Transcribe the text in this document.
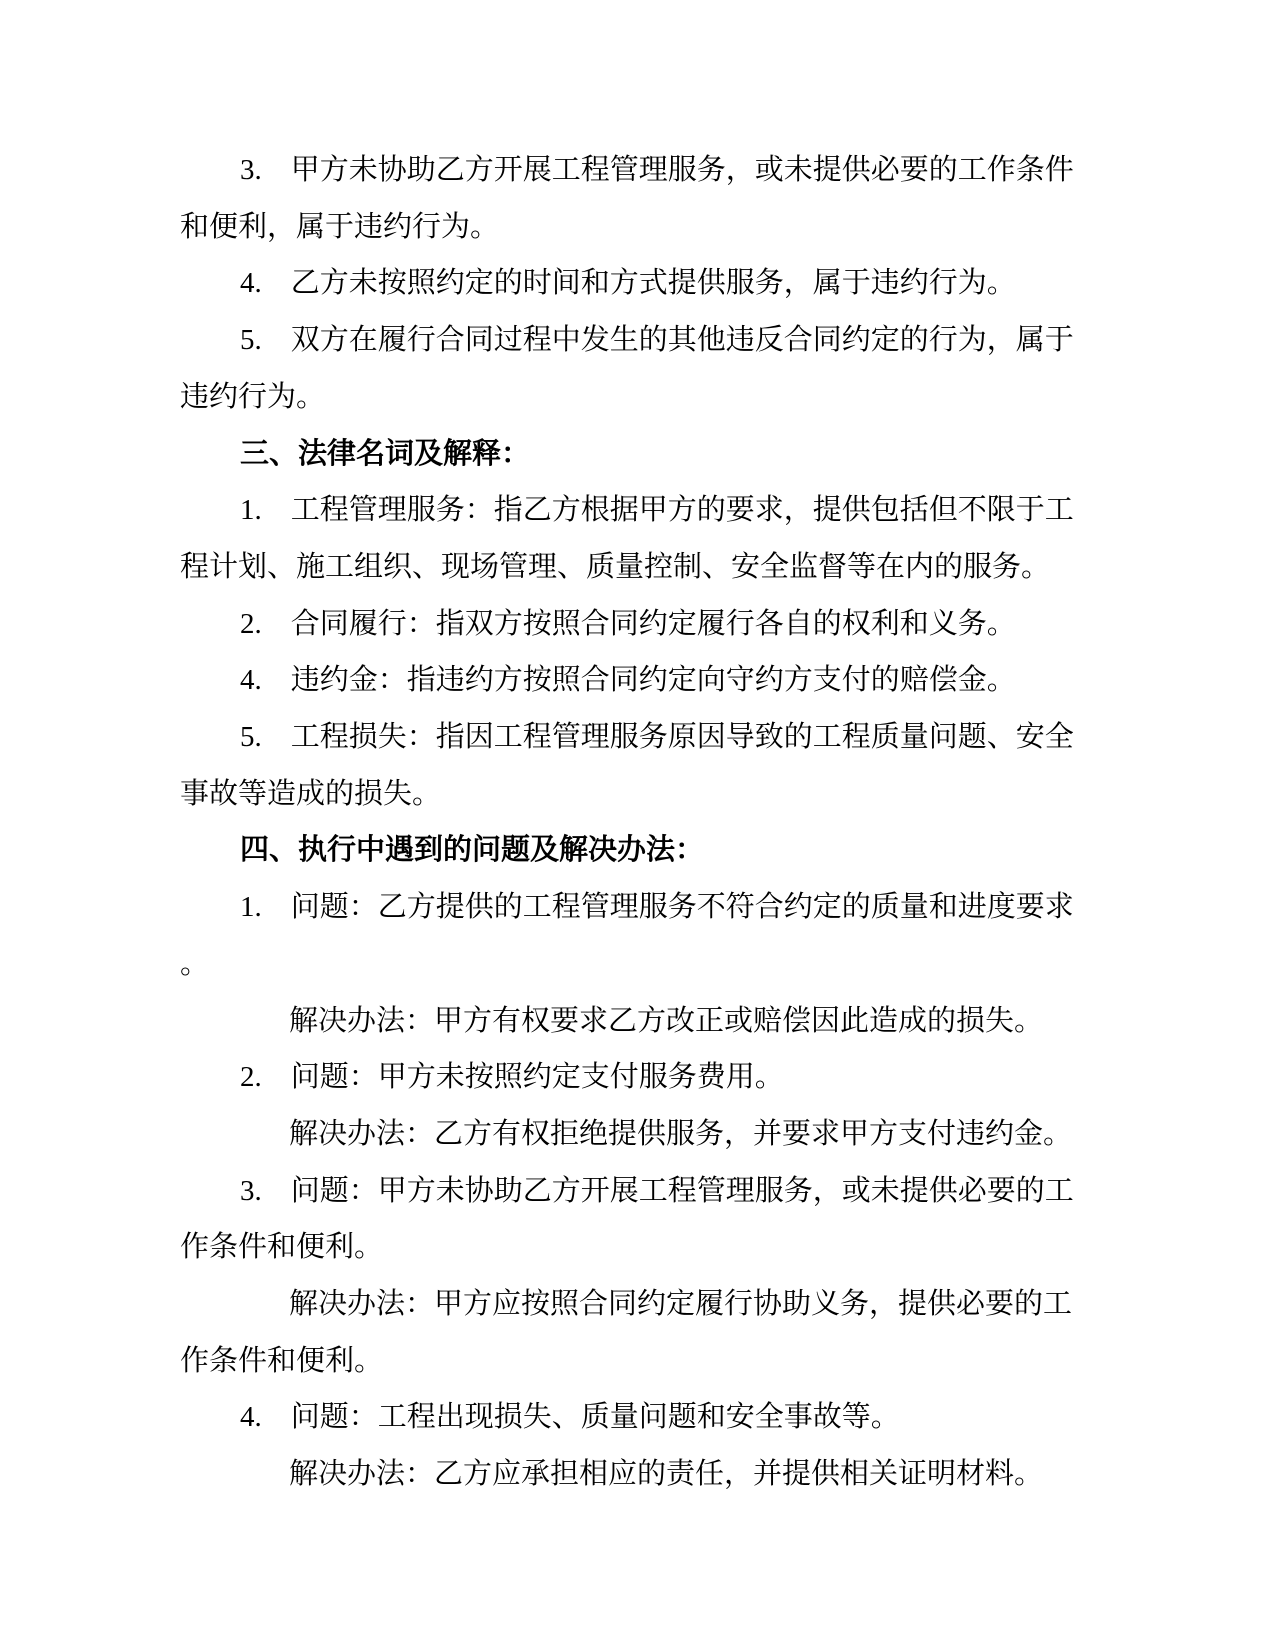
3.　甲方未协助乙方开展工程管理服务，或未提供必要的工作条件
和便利，属于违约行为。
4.　乙方未按照约定的时间和方式提供服务，属于违约行为。
5.　双方在履行合同过程中发生的其他违反合同约定的行为，属于
违约行为。
三、法律名词及解释：
1.　工程管理服务：指乙方根据甲方的要求，提供包括但不限于工
程计划、施工组织、现场管理、质量控制、安全监督等在内的服务。
2.　合同履行：指双方按照合同约定履行各自的权利和义务。
4.　违约金：指违约方按照合同约定向守约方支付的赔偿金。
5.　工程损失：指因工程管理服务原因导致的工程质量问题、安全
事故等造成的损失。
四、执行中遇到的问题及解决办法：
1.　问题：乙方提供的工程管理服务不符合约定的质量和进度要求
。
解决办法：甲方有权要求乙方改正或赔偿因此造成的损失。
2.　问题：甲方未按照约定支付服务费用。
解决办法：乙方有权拒绝提供服务，并要求甲方支付违约金。
3.　问题：甲方未协助乙方开展工程管理服务，或未提供必要的工
作条件和便利。
解决办法：甲方应按照合同约定履行协助义务，提供必要的工
作条件和便利。
4.　问题：工程出现损失、质量问题和安全事故等。
解决办法：乙方应承担相应的责任，并提供相关证明材料。
